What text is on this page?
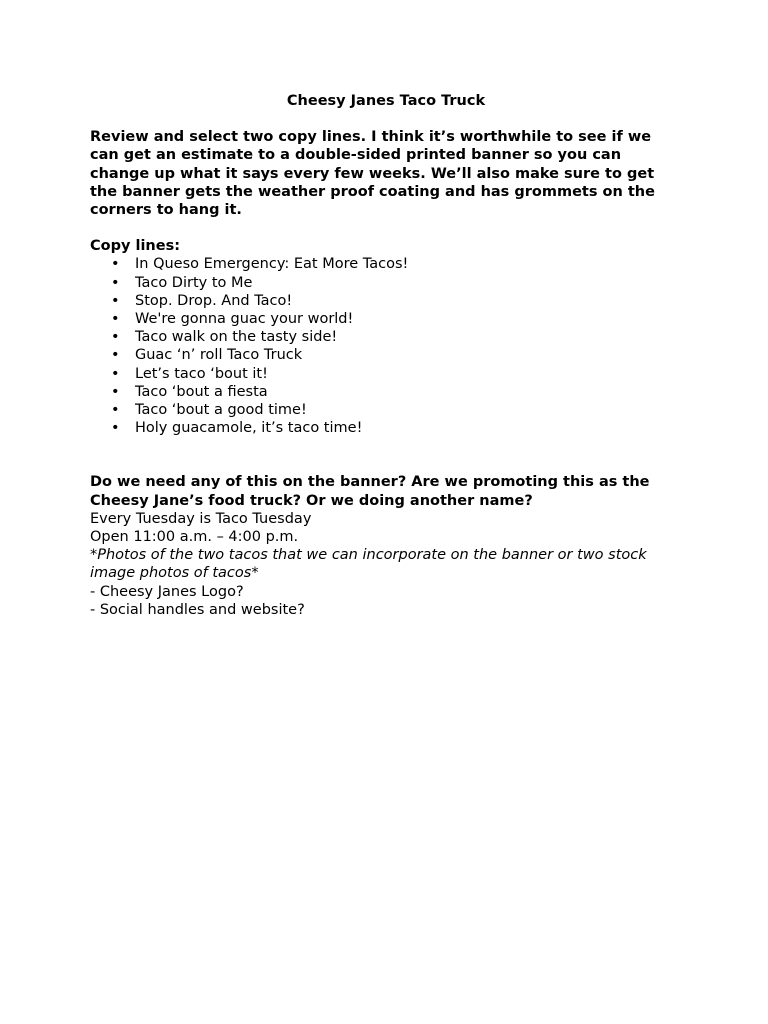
Cheesy Janes Taco Truck

Review and select two copy lines. I think it’s worthwhile to see if we can get an estimate to a double-sided printed banner so you can change up what it says every few weeks. We’ll also make sure to get the banner gets the weather proof coating and has grommets on the corners to hang it.

Copy lines:

• In Queso Emergency: Eat More Tacos!
• Taco Dirty to Me
• Stop. Drop. And Taco!
• We're gonna guac your world!
• Taco walk on the tasty side!
• Guac ‘n’ roll Taco Truck
• Let’s taco ‘bout it!
• Taco ‘bout a fiesta
• Taco ‘bout a good time!
• Holy guacamole, it’s taco time!

Do we need any of this on the banner? Are we promoting this as the Cheesy Jane’s food truck? Or we doing another name?

Every Tuesday is Taco Tuesday

Open 11:00 a.m. – 4:00 p.m.

*Photos of the two tacos that we can incorporate on the banner or two stock image photos of tacos*

- Cheesy Janes Logo?

- Social handles and website?
